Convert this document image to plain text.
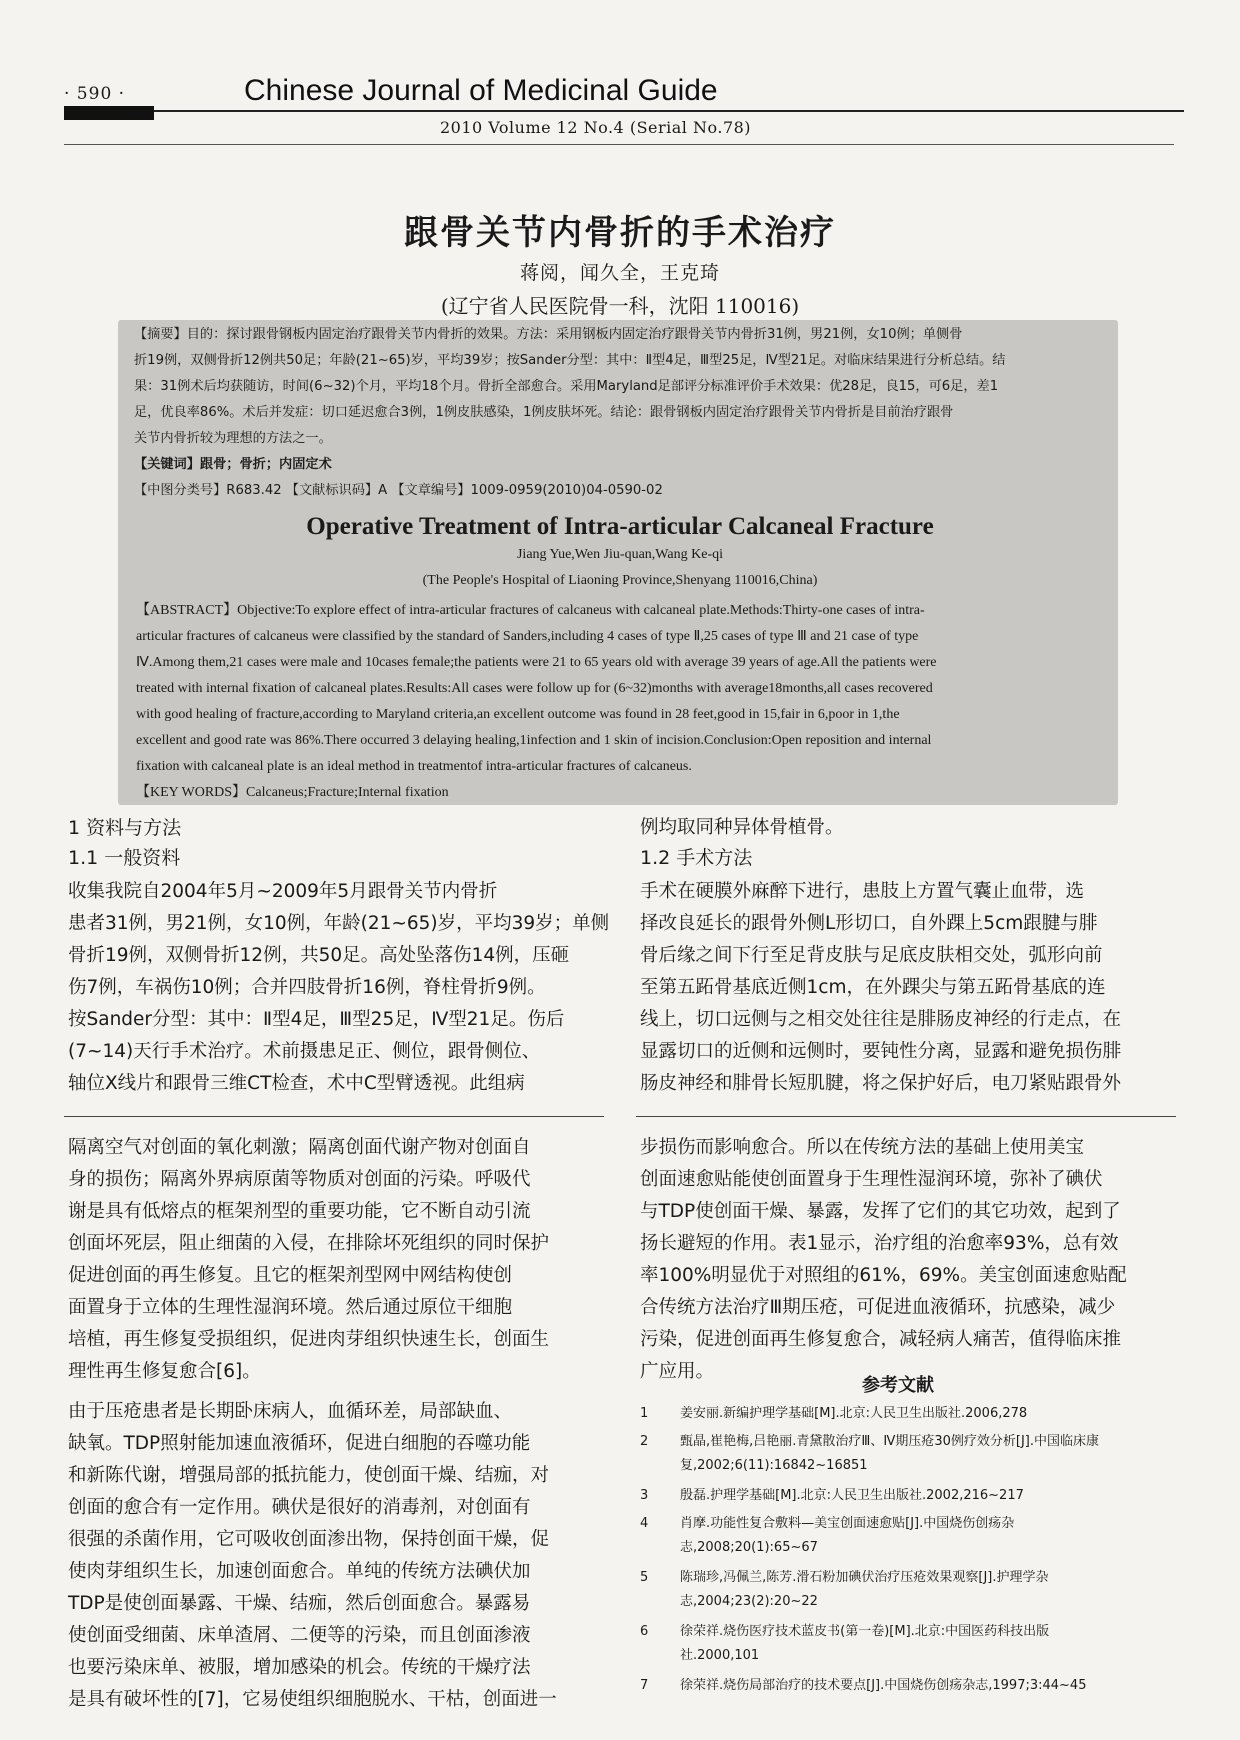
· 590 ·	Chinese Journal of Medicinal Guide
2010 Volume 12 No.4 (Serial No.78)
跟骨关节内骨折的手术治疗
蒋阅，闻久全，王克琦
(辽宁省人民医院骨一科，沈阳 110016)
【摘要】目的：探讨跟骨钢板内固定治疗跟骨关节内骨折的效果。方法：采用钢板内固定治疗跟骨关节内骨折31例，男21例，女10例；单侧骨
折19例，双侧骨折12例共50足；年龄(21~65)岁，平均39岁；按Sander分型：其中：Ⅱ型4足，Ⅲ型25足，Ⅳ型21足。对临床结果进行分析总结。结
果：31例术后均获随访，时间(6~32)个月，平均18个月。骨折全部愈合。采用Maryland足部评分标准评价手术效果：优28足，良15，可6足，差1
足，优良率86%。术后并发症：切口延迟愈合3例，1例皮肤感染，1例皮肤坏死。结论：跟骨钢板内固定治疗跟骨关节内骨折是目前治疗跟骨
关节内骨折较为理想的方法之一。
【关键词】跟骨；骨折；内固定术
【中图分类号】R683.42 【文献标识码】A 【文章编号】1009-0959(2010)04-0590-02
Operative Treatment of Intra-articular Calcaneal Fracture
Jiang Yue,Wen Jiu-quan,Wang Ke-qi
(The People's Hospital of Liaoning Province,Shenyang 110016,China)
【ABSTRACT】Objective:To explore effect of intra-articular fractures of calcaneus with calcaneal plate.Methods:Thirty-one cases of intra-
articular fractures of calcaneus were classified by the standard of Sanders,including 4 cases of type Ⅱ,25 cases of type Ⅲ and 21 case of type
Ⅳ.Among them,21 cases were male and 10cases female;the patients were 21 to 65 years old with average 39 years of age.All the patients were
treated with internal fixation of calcaneal plates.Results:All cases were follow up for (6~32)months with average18months,all cases recovered
with good healing of fracture,according to Maryland criteria,an excellent outcome was found in 28 feet,good in 15,fair in 6,poor in 1,the
excellent and good rate was 86%.There occurred 3 delaying healing,1infection and 1 skin of incision.Conclusion:Open reposition and internal
fixation with calcaneal plate is an ideal method in treatmentof intra-articular fractures of calcaneus.
【KEY WORDS】Calcaneus;Fracture;Internal fixation
1 资料与方法
1.1 一般资料
收集我院自2004年5月~2009年5月跟骨关节内骨折
患者31例，男21例，女10例，年龄(21~65)岁，平均39岁；单侧
骨折19例，双侧骨折12例，共50足。高处坠落伤14例，压砸
伤7例，车祸伤10例；合并四肢骨折16例，脊柱骨折9例。
按Sander分型：其中：Ⅱ型4足，Ⅲ型25足，Ⅳ型21足。伤后
(7~14)天行手术治疗。术前摄患足正、侧位，跟骨侧位、
轴位X线片和跟骨三维CT检查，术中C型臂透视。此组病
例均取同种异体骨植骨。
1.2 手术方法
手术在硬膜外麻醉下进行，患肢上方置气囊止血带，选
择改良延长的跟骨外侧L形切口，自外踝上5cm跟腱与腓
骨后缘之间下行至足背皮肤与足底皮肤相交处，弧形向前
至第五跖骨基底近侧1cm，在外踝尖与第五跖骨基底的连
线上，切口远侧与之相交处往往是腓肠皮神经的行走点，在
显露切口的近侧和远侧时，要钝性分离，显露和避免损伤腓
肠皮神经和腓骨长短肌腱，将之保护好后，电刀紧贴跟骨外
隔离空气对创面的氧化刺激；隔离创面代谢产物对创面自
身的损伤；隔离外界病原菌等物质对创面的污染。呼吸代
谢是具有低熔点的框架剂型的重要功能，它不断自动引流
创面坏死层，阻止细菌的入侵，在排除坏死组织的同时保护
促进创面的再生修复。且它的框架剂型网中网结构使创
面置身于立体的生理性湿润环境。然后通过原位干细胞
培植，再生修复受损组织，促进肉芽组织快速生长，创面生
理性再生修复愈合[6]。
由于压疮患者是长期卧床病人，血循环差，局部缺血、
缺氧。TDP照射能加速血液循环，促进白细胞的吞噬功能
和新陈代谢，增强局部的抵抗能力，使创面干燥、结痂，对
创面的愈合有一定作用。碘伏是很好的消毒剂，对创面有
很强的杀菌作用，它可吸收创面渗出物，保持创面干燥，促
使肉芽组织生长，加速创面愈合。单纯的传统方法碘伏加
TDP是使创面暴露、干燥、结痂，然后创面愈合。暴露易
使创面受细菌、床单渣屑、二便等的污染，而且创面渗液
也要污染床单、被服，增加感染的机会。传统的干燥疗法
是具有破坏性的[7]，它易使组织细胞脱水、干枯，创面进一
步损伤而影响愈合。所以在传统方法的基础上使用美宝
创面速愈贴能使创面置身于生理性湿润环境，弥补了碘伏
与TDP使创面干燥、暴露，发挥了它们的其它功效，起到了
扬长避短的作用。表1显示，治疗组的治愈率93%，总有效
率100%明显优于对照组的61%，69%。美宝创面速愈贴配
合传统方法治疗Ⅲ期压疮，可促进血液循环，抗感染，减少
污染，促进创面再生修复愈合，减轻病人痛苦，值得临床推
广应用。
参考文献
1 姜安丽.新编护理学基础[M].北京:人民卫生出版社.2006,278
2 甄晶,崔艳梅,吕艳丽.青黛散治疗Ⅲ、Ⅳ期压疮30例疗效分析[J].中国临床康
复,2002;6(11):16842~16851
3 殷磊.护理学基础[M].北京:人民卫生出版社.2002,216~217
4 肖摩.功能性复合敷料—美宝创面速愈贴[J].中国烧伤创疡杂
志,2008;20(1):65~67
5 陈瑞珍,冯佩兰,陈芳.滑石粉加碘伏治疗压疮效果观察[J].护理学杂
志,2004;23(2):20~22
6 徐荣祥.烧伤医疗技术蓝皮书(第一卷)[M].北京:中国医药科技出版
社.2000,101
7 徐荣祥.烧伤局部治疗的技术要点[J].中国烧伤创疡杂志,1997;3:44~45
